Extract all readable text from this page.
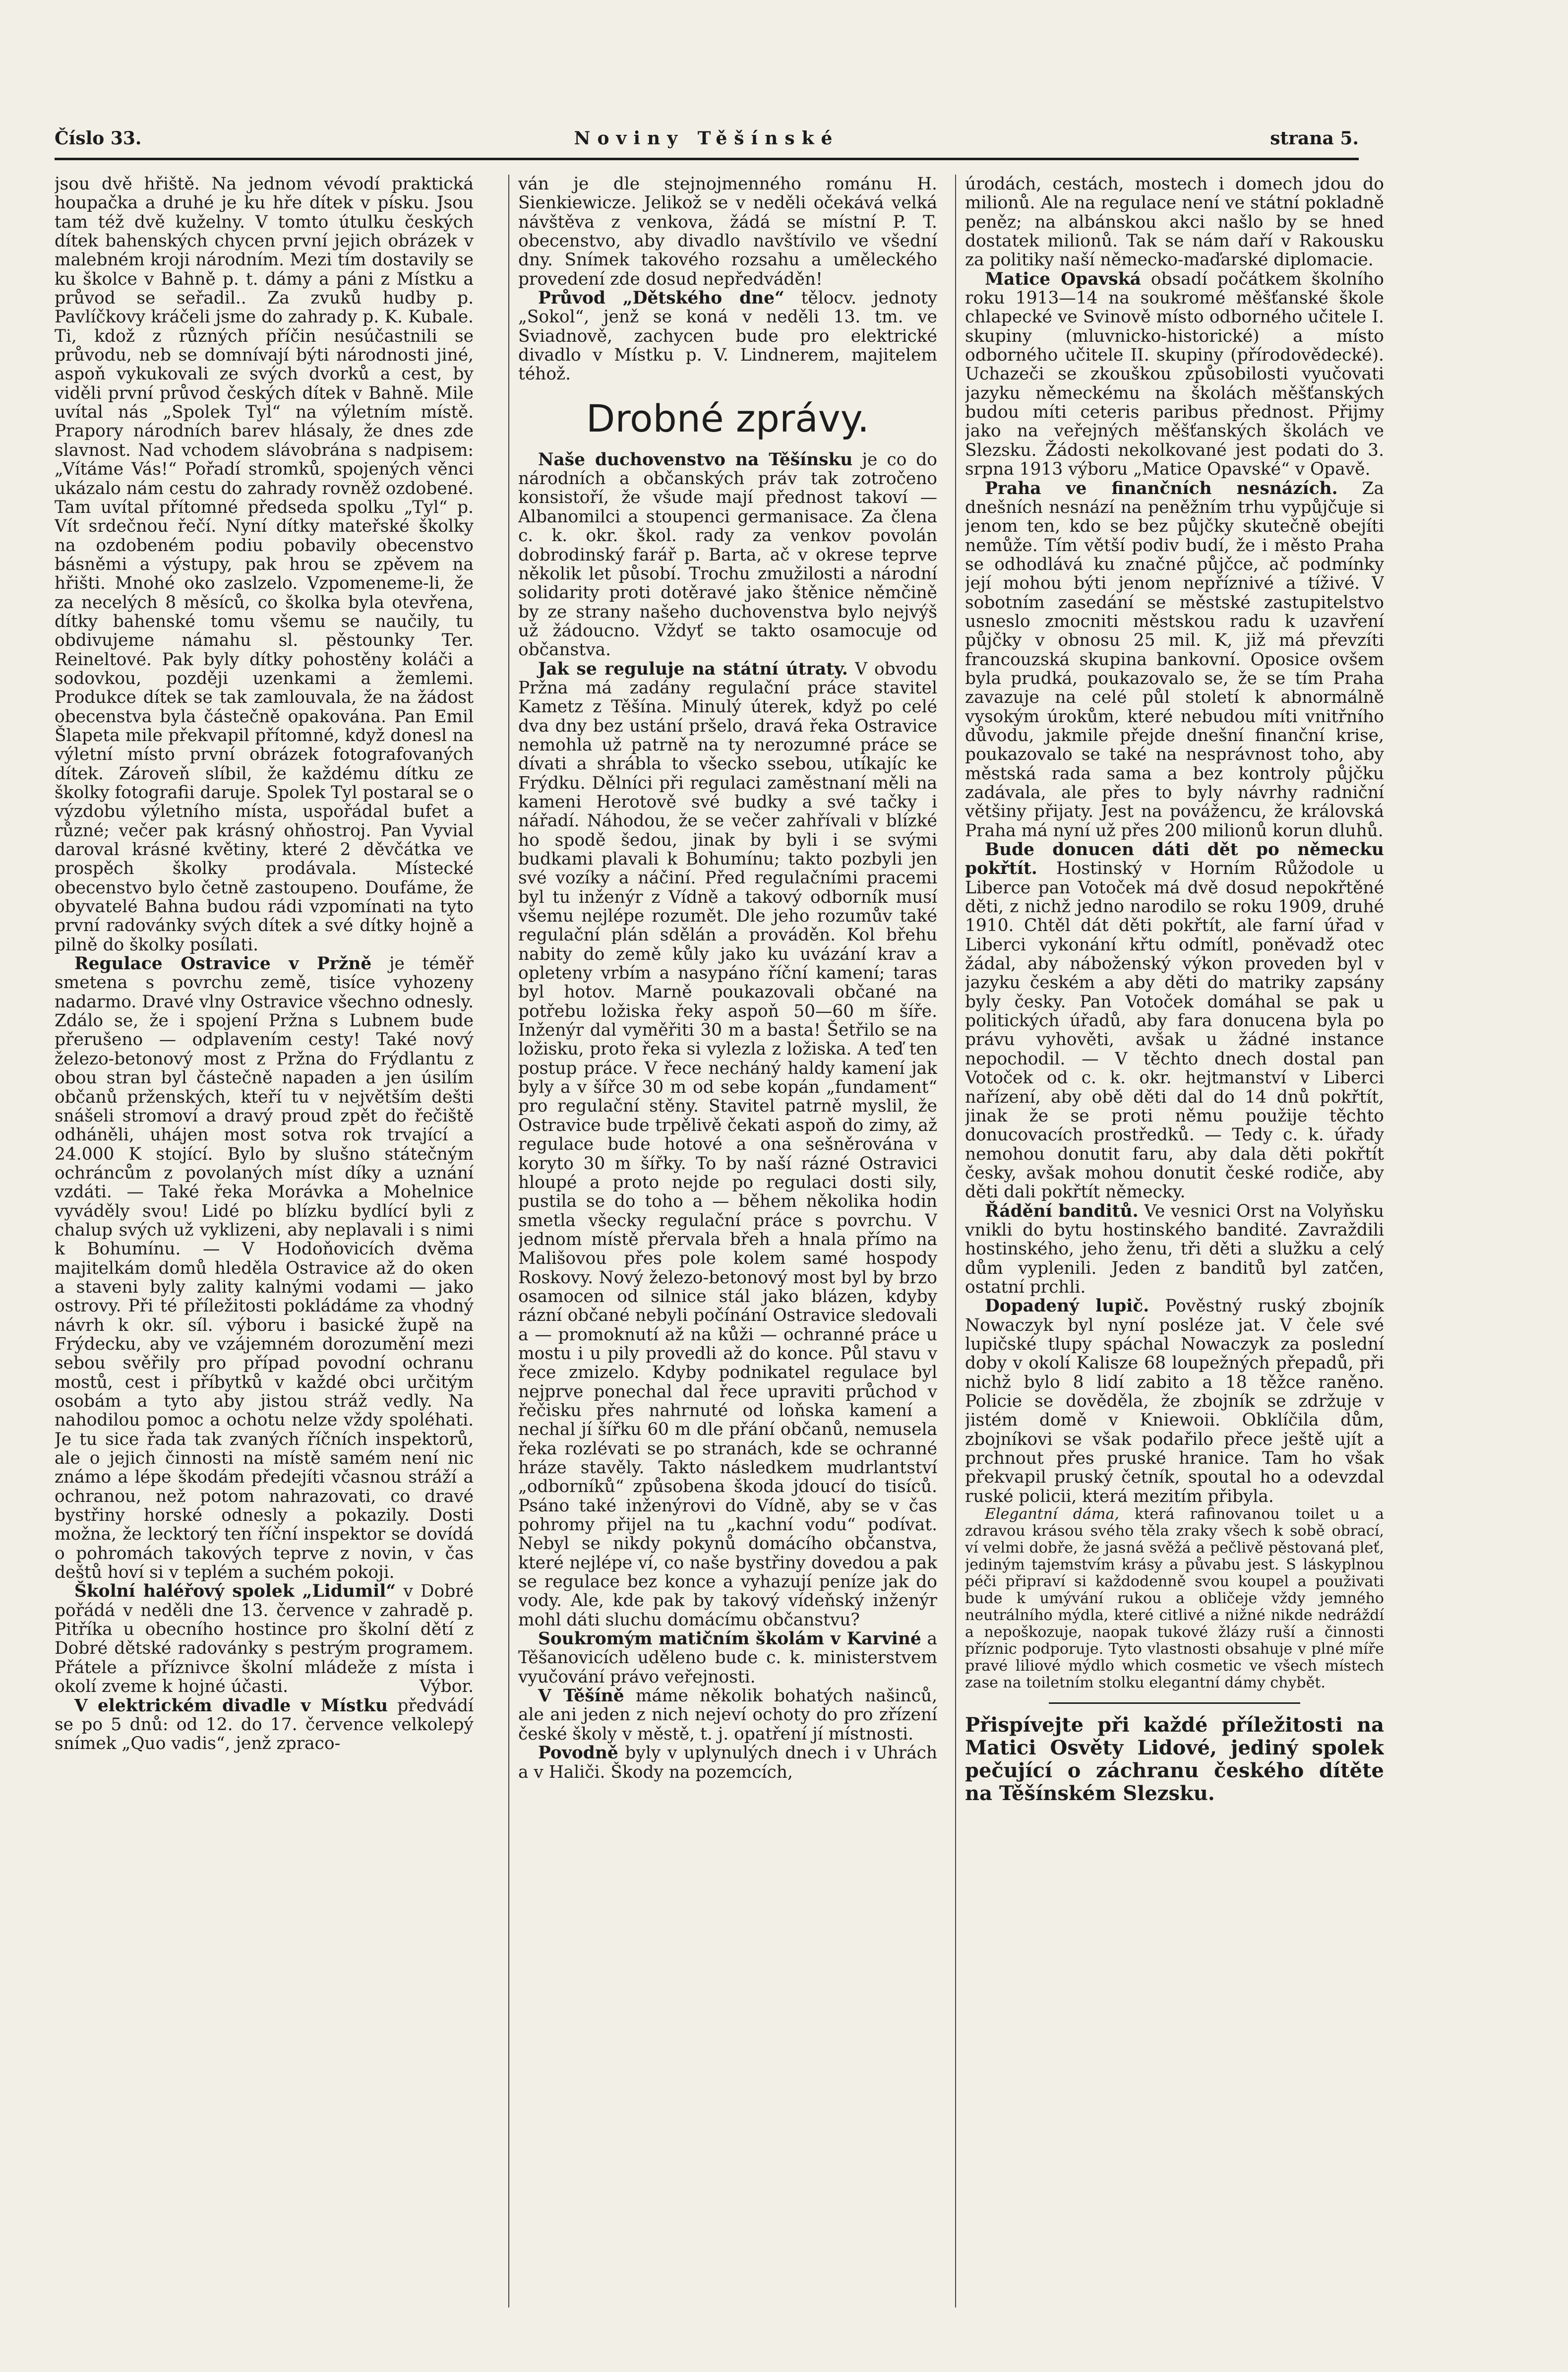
Číslo 33.	Noviny Těšínské	strana 5.

jsou dvě hřiště. Na jednom vévodí praktická houpačka a druhé je ku hře dítek v písku. Jsou tam též dvě kuželny. V tomto útulku českých dítek bahenských chycen první jejich obrázek v malebném kroji národním. Mezi tím dostavily se ku školce v Bahně p. t. dámy a páni z Místku a průvod se seřadil.. Za zvuků hudby p. Pavlíčkovy kráčeli jsme do zahrady p. K. Kubale. Ti, kdož z různých příčin nesúčastnili se průvodu, neb se domnívají býti národnosti jiné, aspoň vykukovali ze svých dvorků a cest, by viděli první průvod českých dítek v Bahně. Mile uvítal nás „Spolek Tyl“ na výletním místě. Prapory národních barev hlásaly, že dnes zde slavnost. Nad vchodem slávobrána s nadpisem: „Vítáme Vás!“ Pořadí stromků, spojených věnci ukázalo nám cestu do zahrady rovněž ozdobené. Tam uvítal přítomné předseda spolku „Tyl“ p. Vít srdečnou řečí. Nyní dítky mateřské školky na ozdobeném podiu pobavily obecenstvo básněmi a výstupy, pak hrou se zpěvem na hřišti. Mnohé oko zaslzelo. Vzpomeneme-li, že za necelých 8 měsíců, co školka byla otevřena, dítky bahenské tomu všemu se naučily, tu obdivujeme námahu sl. pěstounky Ter. Reineltové. Pak byly dítky pohostěny koláči a sodovkou, později uzenkami a žemlemi. Produkce dítek se tak zamlouvala, že na žádost obecenstva byla částečně opakována. Pan Emil Šlapeta mile překvapil přítomné, když donesl na výletní místo první obrázek fotografovaných dítek. Zároveň slíbil, že každému dítku ze školky fotografii daruje. Spolek Tyl postaral se o výzdobu výletního místa, uspořádal bufet a různé; večer pak krásný ohňostroj. Pan Vyvial daroval krásné květiny, které 2 děvčátka ve prospěch školky prodávala. Místecké obecenstvo bylo četně zastoupeno. Doufáme, že obyvatelé Bahna budou rádi vzpomínati na tyto první radovánky svých dítek a své dítky hojně a pilně do školky posílati.

Regulace Ostravice v Pržně je téměř smetena s povrchu země, tisíce vyhozeny nadarmo. Dravé vlny Ostravice všechno odnesly. Zdálo se, že i spojení Pržna s Lubnem bude přerušeno — odplavením cesty! Také nový železo-betonový most z Pržna do Frýdlantu z obou stran byl částečně napaden a jen úsilím občanů prženských, kteří tu v největším dešti snášeli stromoví a dravý proud zpět do řečiště odháněli, uhájen most sotva rok trvající a 24.000 K stojící. Bylo by slušno státečným ochráncům z povolaných míst díky a uznání vzdáti. — Také řeka Morávka a Mohelnice vyváděly svou! Lidé po blízku bydlící byli z chalup svých už vyklizeni, aby neplavali i s nimi k Bohumínu. — V Hodoňovicích dvěma majitelkám domů hleděla Ostravice až do oken a staveni byly zality kalnými vodami — jako ostrovy. Při té příležitosti pokládáme za vhodný návrh k okr. síl. výboru i basické župě na Frýdecku, aby ve vzájemném dorozumění mezi sebou svěřily pro případ povodní ochranu mostů, cest i příbytků v každé obci určitým osobám a tyto aby jistou stráž vedly. Na nahodilou pomoc a ochotu nelze vždy spoléhati. Je tu sice řada tak zvaných říčních inspektorů, ale o jejich činnosti na místě samém není nic známo a lépe škodám předejíti včasnou stráží a ochranou, než potom nahrazovati, co dravé bystřiny horské odnesly a pokazily. Dosti možna, že lecktorý ten říční inspektor se dovídá o pohromách takových teprve z novin, v čas deštů hoví si v teplém a suchém pokoji.

Školní haléřový spolek „Lidumil“ v Dobré pořádá v neděli dne 13. července v zahradě p. Pitříka u obecního hostince pro školní dětí z Dobré dětské radovánky s pestrým programem. Přátele a příznivce školní mládeže z místa i okolí zveme k hojné účasti.	Výbor.

V elektrickém divadle v Místku předvádí se po 5 dnů: od 12. do 17. července velkolepý snímek „Quo vadis“, jenž zpraco-

ván je dle stejnojmenného románu H. Sienkiewicze. Jelikož se v neděli očekává velká návštěva z venkova, žádá se místní P. T. obecenstvo, aby divadlo navštívilo ve všední dny. Snímek takového rozsahu a uměleckého provedení zde dosud nepředváděn!

Průvod „Dětského dne“ tělocv. jednoty „Sokol“, jenž se koná v neděli 13. tm. ve Sviadnově, zachycen bude pro elektrické divadlo v Místku p. V. Lindnerem, majitelem téhož.

Drobné zprávy.

Naše duchovenstvo na Těšínsku je co do národních a občanských práv tak zotročeno konsistoří, že všude mají přednost takoví — Albanomilci a stoupenci germanisace. Za člena c. k. okr. škol. rady za venkov povolán dobrodinský farář p. Barta, ač v okrese teprve několik let působí. Trochu zmužilosti a národní solidarity proti dotěravé jako štěnice němčině by ze strany našeho duchovenstva bylo nejvýš už žádoucno. Vždyť se takto osamocuje od občanstva.

Jak se reguluje na státní útraty. V obvodu Pržna má zadány regulační práce stavitel Kametz z Těšína. Minulý úterek, když po celé dva dny bez ustání pršelo, dravá řeka Ostravice nemohla už patrně na ty nerozumné práce se dívati a shrábla to všecko ssebou, utíkajíc ke Frýdku. Dělníci při regulaci zaměstnaní měli na kameni Herotově své budky a své tačky i nářadí. Náhodou, že se večer zahřívali v blízké ho spodě šedou, jinak by byli i se svými budkami plavali k Bohumínu; takto pozbyli jen své vozíky a náčiní. Před regulačními pracemi byl tu inženýr z Vídně a takový odborník musí všemu nejlépe rozumět. Dle jeho rozumův také regulační plán sdělán a prováděn. Kol břehu nabity do země kůly jako ku uvázání krav a opleteny vrbím a nasypáno říční kamení; taras byl hotov. Marně poukazovali občané na potřebu ložiska řeky aspoň 50—60 m šíře. Inženýr dal vyměřiti 30 m a basta! Šetřilo se na ložisku, proto řeka si vylezla z ložiska. A teď ten postup práce. V řece necháný haldy kamení jak byly a v šířce 30 m od sebe kopán „fundament“ pro regulační stěny. Stavitel patrně myslil, že Ostravice bude trpělivě čekati aspoň do zimy, až regulace bude hotové a ona sešněrována v koryto 30 m šířky. To by naší rázné Ostravici hloupé a proto nejde po regulaci dosti sily, pustila se do toho a — během několika hodin smetla všecky regulační práce s povrchu. V jednom místě přervala břeh a hnala přímo na Mališovou přes pole kolem samé hospody Roskovy. Nový železo-betonový most byl by brzo osamocen od silnice stál jako blázen, kdyby rázní občané nebyli počínání Ostravice sledovali a — promoknutí až na kůži — ochranné práce u mostu i u pily provedli až do konce. Půl stavu v řece zmizelo. Kdyby podnikatel regulace byl nejprve ponechal dal řece upraviti průchod v řečisku přes nahrnuté od loňska kamení a nechal jí šířku 60 m dle přání občanů, nemusela řeka rozlévati se po stranách, kde se ochranné hráze stavěly. Takto následkem mudrlantství „odborníků“ způsobena škoda jdoucí do tisíců. Psáno také inženýrovi do Vídně, aby se v čas pohromy přijel na tu „kachní vodu“ podívat. Nebyl se nikdy pokynů domácího občanstva, které nejlépe ví, co naše bystřiny dovedou a pak se regulace bez konce a vyhazují peníze jak do vody. Ale, kde pak by takový vídeňský inženýr mohl dáti sluchu domácímu občanstvu?

Soukromým matičním školám v Karviné a Těšanovicích uděleno bude c. k. ministerstvem vyučování právo veřejnosti.

V Těšíně máme několik bohatých našinců, ale ani jeden z nich nejeví ochoty do pro zřízení české školy v městě, t. j. opatření jí místnosti.

Povodně byly v uplynulých dnech i v Uhrách a v Haliči. Škody na pozemcích,

úrodách, cestách, mostech i domech jdou do milionů. Ale na regulace není ve státní pokladně peněz; na albánskou akci našlo by se hned dostatek milionů. Tak se nám daří v Rakousku za politiky naší německo-maďarské diplomacie.

Matice Opavská obsadí počátkem školního roku 1913—14 na soukromé měšťanské škole chlapecké ve Svinově místo odborného učitele I. skupiny (mluvnicko-historické) a místo odborného učitele II. skupiny (přírodovědecké). Uchazeči se zkouškou způsobilosti vyučovati jazyku německému na školách měšťanských budou míti ceteris paribus přednost. Přijmy jako na veřejných měšťanských školách ve Slezsku. Žádosti nekolkované jest podati do 3. srpna 1913 výboru „Matice Opavské“ v Opavě.

Praha ve finančních nesnázích. Za dnešních nesnází na peněžním trhu vypůjčuje si jenom ten, kdo se bez půjčky skutečně obejíti nemůže. Tím větší podiv budí, že i město Praha se odhodlává ku značné půjčce, ač podmínky její mohou býti jenom nepříznivé a tíživé. V sobotním zasedání se městské zastupitelstvo usneslo zmocniti městskou radu k uzavření půjčky v obnosu 25 mil. K, již má převzíti francouzská skupina bankovní. Oposice ovšem byla prudká, poukazovalo se, že se tím Praha zavazuje na celé půl století k abnormálně vysokým úrokům, které nebudou míti vnitřního důvodu, jakmile přejde dnešní finanční krise, poukazovalo se také na nesprávnost toho, aby městská rada sama a bez kontroly půjčku zadávala, ale přes to byly návrhy radniční většiny přijaty. Jest na povážencu, že královská Praha má nyní už přes 200 milionů korun dluhů.

Bude donucen dáti dět po německu pokřtít. Hostinský v Horním Růžodole u Liberce pan Votoček má dvě dosud nepokřtěné děti, z nichž jedno narodilo se roku 1909, druhé 1910. Chtěl dát děti pokřtít, ale farní úřad v Liberci vykonání křtu odmítl, poněvadž otec žádal, aby náboženský výkon proveden byl v jazyku českém a aby děti do matriky zapsány byly česky. Pan Votoček domáhal se pak u politických úřadů, aby fara donucena byla po právu vyhověti, avšak u žádné instance nepochodil. — V těchto dnech dostal pan Votoček od c. k. okr. hejtmanství v Liberci nařízení, aby obě děti dal do 14 dnů pokřtít, jinak že se proti němu použije těchto donucovacích prostředků. — Tedy c. k. úřady nemohou donutit faru, aby dala děti pokřtít česky, avšak mohou donutit české rodiče, aby děti dali pokřtít německy.

Řádění banditů. Ve vesnici Orst na Volyňsku vnikli do bytu hostinského bandité. Zavraždili hostinského, jeho ženu, tři děti a služku a celý dům vyplenili. Jeden z banditů byl zatčen, ostatní prchli.

Dopadený lupič. Pověstný ruský zbojník Nowaczyk byl nyní posléze jat. V čele své lupičské tlupy spáchal Nowaczyk za poslední doby v okolí Kalisze 68 loupežných přepadů, při nichž bylo 8 lidí zabito a 18 těžce raněno. Policie se dověděla, že zbojník se zdržuje v jistém domě v Kniewoii. Obklíčila dům, zbojníkovi se však podařilo přece ještě ujít a prchnout přes pruské hranice. Tam ho však překvapil pruský četník, spoutal ho a odevzdal ruské policii, která mezitím přibyla.

Elegantní dáma, která rafinovanou toilet u a zdravou krásou svého těla zraky všech k sobě obrací, ví velmi dobře, že jasná svěžá a pečlivě pěstovaná pleť, jediným tajemstvím krásy a půvabu jest. S láskyplnou péči připraví si každodenně svou koupel a použivati bude k umývání rukou a obličeje vždy jemného neutrálního mýdla, které citlivé a nižné nikde nedráždí a nepoškozuje, naopak tukové žlázy ruší a činnosti příznic podporuje. Tyto vlastnosti obsahuje v plné míře pravé liliové mýdlo which cosmetic ve všech místech zase na toiletním stolku elegantní dámy chybět.

Přispívejte při každé příležitosti na Matici Osvěty Lidové, jediný spolek pečující o záchranu českého dítěte na Těšínském Slezsku.
